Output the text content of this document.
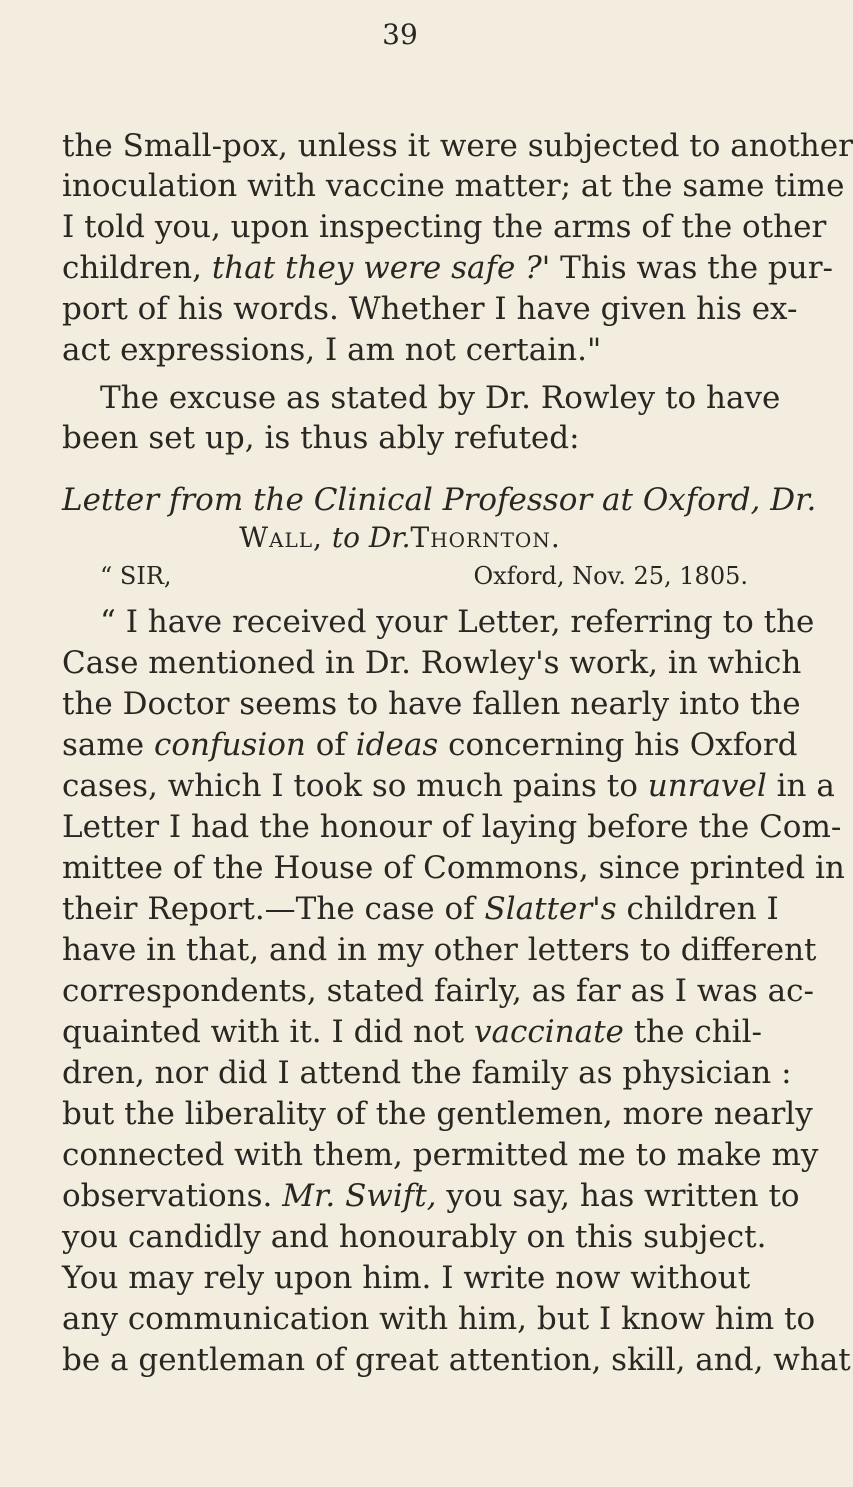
39
the Small-pox, unless it were subjected to another
inoculation with vaccine matter; at the same time
I told you, upon inspecting the arms of the other
children, that they were safe ?' This was the pur-
port of his words. Whether I have given his ex-
act expressions, I am not certain."
The excuse as stated by Dr. Rowley to have
been set up, is thus ably refuted:
Letter from the Clinical Professor at Oxford, Dr.
Wall, to Dr.Thornton.
“ SIR,	Oxford, Nov. 25, 1805.
“ I have received your Letter, referring to the
Case mentioned in Dr. Rowley's work, in which
the Doctor seems to have fallen nearly into the
same confusion of ideas concerning his Oxford
cases, which I took so much pains to unravel in a
Letter I had the honour of laying before the Com-
mittee of the House of Commons, since printed in
their Report.—The case of Slatter's children I
have in that, and in my other letters to different
correspondents, stated fairly, as far as I was ac-
quainted with it. I did not vaccinate the chil-
dren, nor did I attend the family as physician :
but the liberality of the gentlemen, more nearly
connected with them, permitted me to make my
observations. Mr. Swift, you say, has written to
you candidly and honourably on this subject.
You may rely upon him. I write now without
any communication with him, but I know him to
be a gentleman of great attention, skill, and, what
